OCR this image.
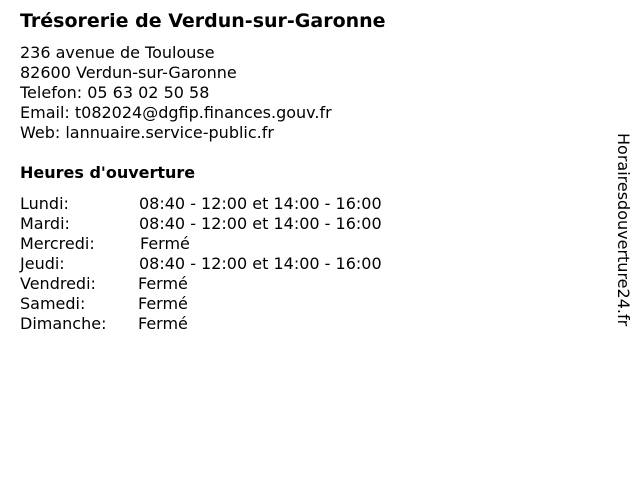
Trésorerie de Verdun-sur-Garonne
236 avenue de Toulouse
82600 Verdun-sur-Garonne
Telefon: 05 63 02 50 58
Email: t082024@dgfip.finances.gouv.fr
Web: lannuaire.service-public.fr
Heures d'ouverture
Lundi:	08:40 - 12:00 et 14:00 - 16:00
Mardi:	08:40 - 12:00 et 14:00 - 16:00
Mercredi:	Fermé
Jeudi:	08:40 - 12:00 et 14:00 - 16:00
Vendredi:	Fermé
Samedi:	Fermé
Dimanche:	Fermé	Horairesdouverture24.fr
